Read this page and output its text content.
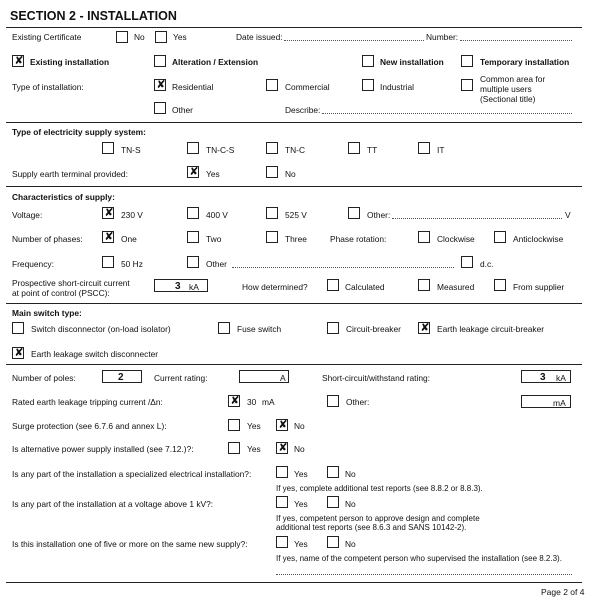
SECTION 2 - INSTALLATION
Existing Certificate	No	Yes	Date issued:	Number:
✘ Existing installation	Alteration / Extension	New installation	Temporary installation
Type of installation:	✘ Residential	Commercial	Industrial
Common area for
multiple users
(Sectional title)
Other	Describe:
Type of electricity supply system:
TN-S	TN-C-S	TN-C	TT	IT
Supply earth terminal provided:	✘ Yes	No
Characteristics of supply:
Voltage:	✘ 230 V	400 V	525 V	Other:	V
Number of phases: ✘ One	Two	Three	Phase rotation:	Clockwise	Anticlockwise
Frequency:	50 Hz	Other	d.c.
Prospective short-circuit current
at point of control (PSCC):
3 kA	How determined?	Calculated	Measured	From supplier
Main switch type:
Switch disconnector (on-load isolator)	Fuse switch	Circuit-breaker ✘ Earth leakage circuit-breaker
✘ Earth leakage switch disconnecter
Number of poles:	2	Current rating:	A	Short-circuit/withstand rating:	3 kA
Rated earth leakage tripping current /Δn:	✘ 30 mA	Other:	mA
Surge protection (see 6.7.6 and annex L):	Yes ✘ No
Is alternative power supply installed (see 7.12.)?:	Yes ✘ No
Is any part of the installation a specialized electrical installation?:	Yes	No
If yes, complete additional test reports (see 8.8.2 or 8.8.3).
Is any part of the installation at a voltage above 1 kV?:	Yes	No
If yes, competent person to approve design and complete
additional test reports (see 8.6.3 and SANS 10142-2).
Is this installation one of five or more on the same new supply?:	Yes	No
If yes, name of the competent person who supervised the installation (see 8.2.3).
Page 2 of 4
